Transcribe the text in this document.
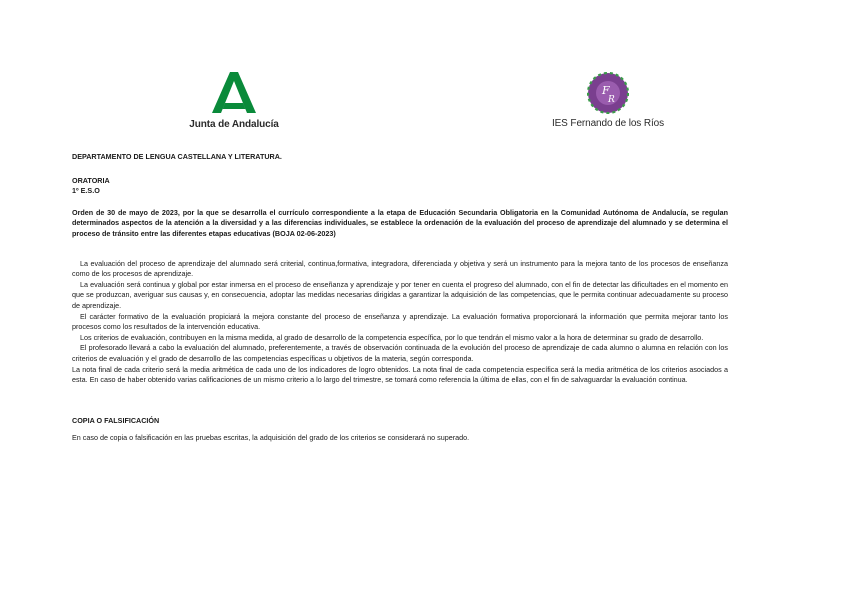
Junta de Andalucía
F
R
IES Fernando de los Ríos
DEPARTAMENTO DE LENGUA CASTELLANA Y LITERATURA.
ORATORIA
1º E.S.O
Orden de 30 de mayo de 2023, por la que se desarrolla el currículo correspondiente a la etapa de Educación Secundaria Obligatoria en la Comunidad Autónoma de Andalucía, se regulan determinados aspectos de la atención a la diversidad y a las diferencias individuales, se establece la ordenación de la evaluación del proceso de aprendizaje del alumnado y se determina el proceso de tránsito entre las diferentes etapas educativas (BOJA 02-06-2023)

La evaluación del proceso de aprendizaje del alumnado será criterial, continua,formativa, integradora, diferenciada y objetiva y será un instrumento para la mejora tanto de los procesos de enseñanza como de los procesos de aprendizaje.

La evaluación será continua y global por estar inmersa en el proceso de enseñanza y aprendizaje y por tener en cuenta el progreso del alumnado, con el fin de detectar las dificultades en el momento en que se produzcan, averiguar sus causas y, en consecuencia, adoptar las medidas necesarias dirigidas a garantizar la adquisición de las competencias, que le permita continuar adecuadamente su proceso de aprendizaje.

El carácter formativo de la evaluación propiciará la mejora constante del proceso de enseñanza y aprendizaje. La evaluación formativa proporcionará la información que permita mejorar tanto los procesos como los resultados de la intervención educativa.

Los criterios de evaluación, contribuyen en la misma medida, al grado de desarrollo de la competencia específica, por lo que tendrán el mismo valor a la hora de determinar su grado de desarrollo.

El profesorado llevará a cabo la evaluación del alumnado, preferentemente, a través de observación continuada de la evolución del proceso de aprendizaje de cada alumno o alumna en relación con los criterios de evaluación y el grado de desarrollo de las competencias específicas u objetivos de la materia, según corresponda.

La nota final de cada criterio será la media aritmética de cada uno de los indicadores de logro obtenidos. La nota final de cada competencia específica será la media aritmética de los criterios asociados a esta. En caso de haber obtenido varias calificaciones de un mismo criterio a lo largo del trimestre, se tomará como referencia la última de ellas, con el fin de salvaguardar la evaluación continua.

COPIA O FALSIFICACIÓN
En caso de copia o falsificación en las pruebas escritas, la adquisición del grado de los criterios se considerará no superado.
